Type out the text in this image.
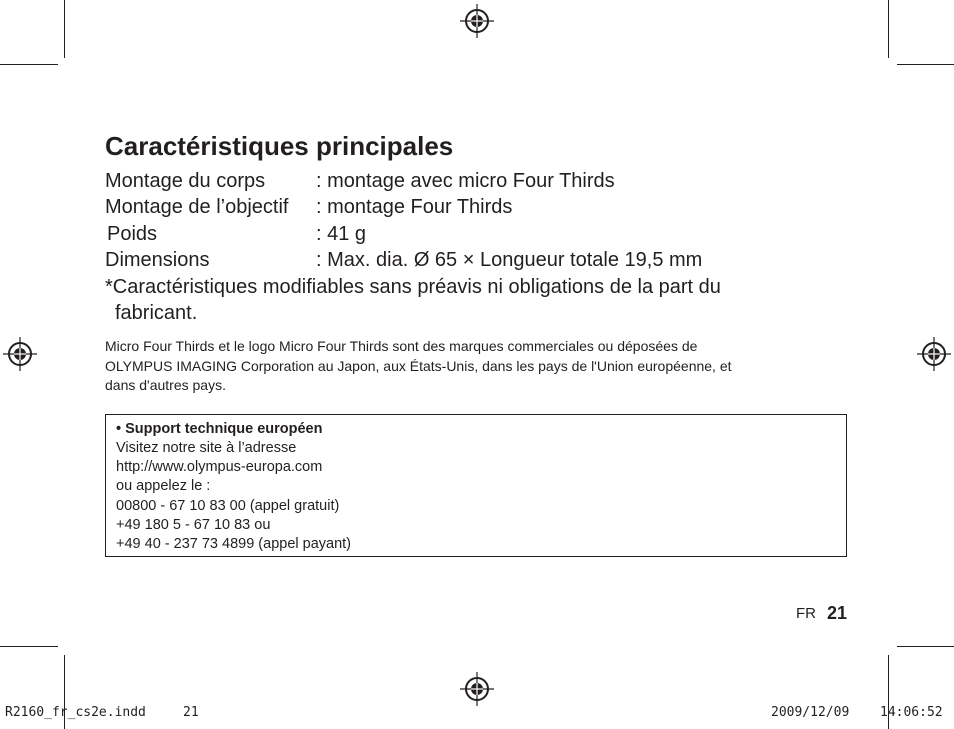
Caractéristiques principales
Montage du corps	: montage avec micro Four Thirds
Montage de l’objectif : montage Four Thirds
Poids	: 41 g
Dimensions	: Max. dia. Ø 65 × Longueur totale 19,5 mm
*Caractéristiques modifiables sans préavis ni obligations de la part du
fabricant.
Micro Four Thirds et le logo Micro Four Thirds sont des marques commerciales ou déposées de
OLYMPUS IMAGING Corporation au Japon, aux États-Unis, dans les pays de l'Union européenne, et
dans d'autres pays.
• Support technique européen
Visitez notre site à l’adresse
http://www.olympus-europa.com
ou appelez le :
00800 - 67 10 83 00 (appel gratuit)
+49 180 5 - 67 10 83 ou
+49 40 - 237 73 4899 (appel payant)
FR 21
R2160_fr_cs2e.indd	21	2009/12/09 14:06:52
